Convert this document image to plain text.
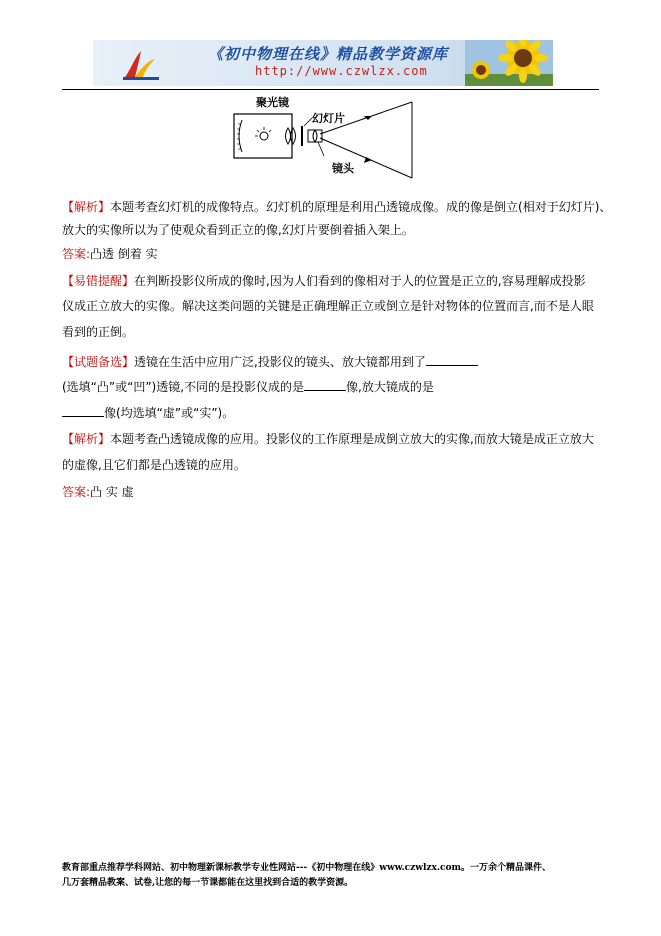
《初中物理在线》精品教学资源库
http://www.czwlzx.com
聚光镜
幻灯片
镜头
【解析】本题考查幻灯机的成像特点。幻灯机的原理是利用凸透镜成像。成的像是倒立(相对于幻灯片)、
放大的实像所以为了使观众看到正立的像,幻灯片要倒着插入架上。
答案:凸透 倒着 实
【易错提醒】在判断投影仪所成的像时,因为人们看到的像相对于人的位置是正立的,容易理解成投影
仪成正立放大的实像。解决这类问题的关键是正确理解正立或倒立是针对物体的位置而言,而不是人眼
看到的正倒。
【试题备选】透镜在生活中应用广泛,投影仪的镜头、放大镜都用到了
(选填“凸”或“凹”)透镜,不同的是投影仪成的是	像,放大镜成的是
像(均选填“虚”或“实”)。
【解析】本题考查凸透镜成像的应用。投影仪的工作原理是成倒立放大的实像,而放大镜是成正立放大
的虚像,且它们都是凸透镜的应用。
答案:凸 实 虚
教育部重点推荐学科网站、初中物理新课标教学专业性网站---《初中物理在线》www.czwlzx.com。一万余个精品课件、
几万套精品教案、试卷,让您的每一节课都能在这里找到合适的教学资源。
